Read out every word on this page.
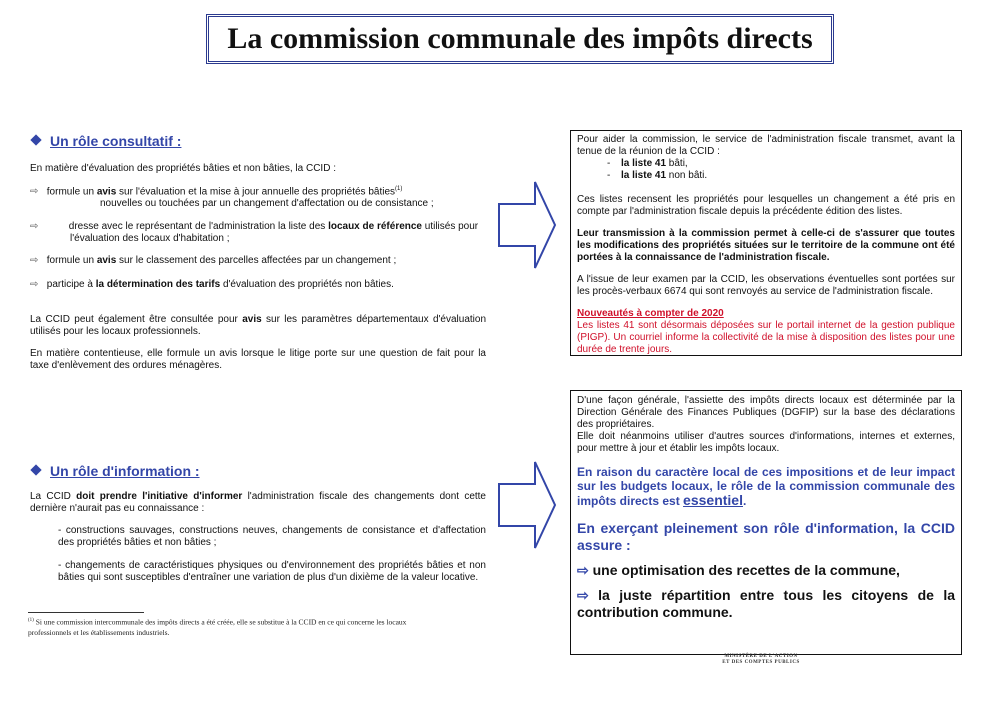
La commission communale des impôts directs
Un rôle consultatif :
En matière d'évaluation des propriétés bâties et non bâties, la CCID :
⇨ formule un avis sur l'évaluation et la mise à jour annuelle des propriétés bâties$^{(1)}$
nouvelles ou touchées par un changement d'affectation ou de consistance ;
⇨	dresse avec le représentant de l'administration la liste des locaux de référence utilisés pour
l'évaluation des locaux d'habitation ;
⇨ formule un avis sur le classement des parcelles affectées par un changement ;
⇨ participe à la détermination des tarifs d'évaluation des propriétés non bâties.
La CCID peut également être consultée pour avis sur les paramètres départementaux d'évaluation utilisés pour les locaux professionnels.
En matière contentieuse, elle formule un avis lorsque le litige porte sur une question de fait pour la taxe d'enlèvement des ordures ménagères.
Un rôle d'information :
La CCID doit prendre l'initiative d'informer l'administration fiscale des changements dont cette dernière n'aurait pas eu connaissance :
- constructions sauvages, constructions neuves, changements de consistance et d'affectation des propriétés bâties et non bâties ;
- changements de caractéristiques physiques ou d'environnement des propriétés bâties et non bâties qui sont susceptibles d'entraîner une variation de plus d'un dixième de la valeur locative.
$^{(1)}$ Si une commission intercommunale des impôts directs a été créée, elle se substitue à la CCID en ce qui concerne les locaux professionnels et les établissements industriels.
Pour aider la commission, le service de l'administration fiscale transmet, avant la tenue de la réunion de la CCID :
- la liste 41 bâti,
- la liste 41 non bâti.
Ces listes recensent les propriétés pour lesquelles un changement a été pris en compte par l'administration fiscale depuis la précédente édition des listes.
Leur transmission à la commission permet à celle-ci de s'assurer que toutes les modifications des propriétés situées sur le territoire de la commune ont été portées à la connaissance de l'administration fiscale.
A l'issue de leur examen par la CCID, les observations éventuelles sont portées sur les procès-verbaux 6674 qui sont renvoyés au service de l'administration fiscale.
Nouveautés à compter de 2020
Les listes 41 sont désormais déposées sur le portail internet de la gestion publique (PIGP). Un courriel informe la collectivité de la mise à disposition des listes pour une durée de trente jours.
D'une façon générale, l'assiette des impôts directs locaux est déterminée par la Direction Générale des Finances Publiques (DGFIP) sur la base des déclarations des propriétaires.
Elle doit néanmoins utiliser d'autres sources d'informations, internes et externes, pour mettre à jour et établir les impôts locaux.
En raison du caractère local de ces impositions et de leur impact sur les budgets locaux, le rôle de la commission communale des impôts directs est essentiel.
En exerçant pleinement son rôle d'information, la CCID assure :
⇨ une optimisation des recettes de la commune,
⇨ la juste répartition entre tous les citoyens de la contribution commune.
MINISTÈRE DE L'ACTION
ET DES COMPTES PUBLICS
